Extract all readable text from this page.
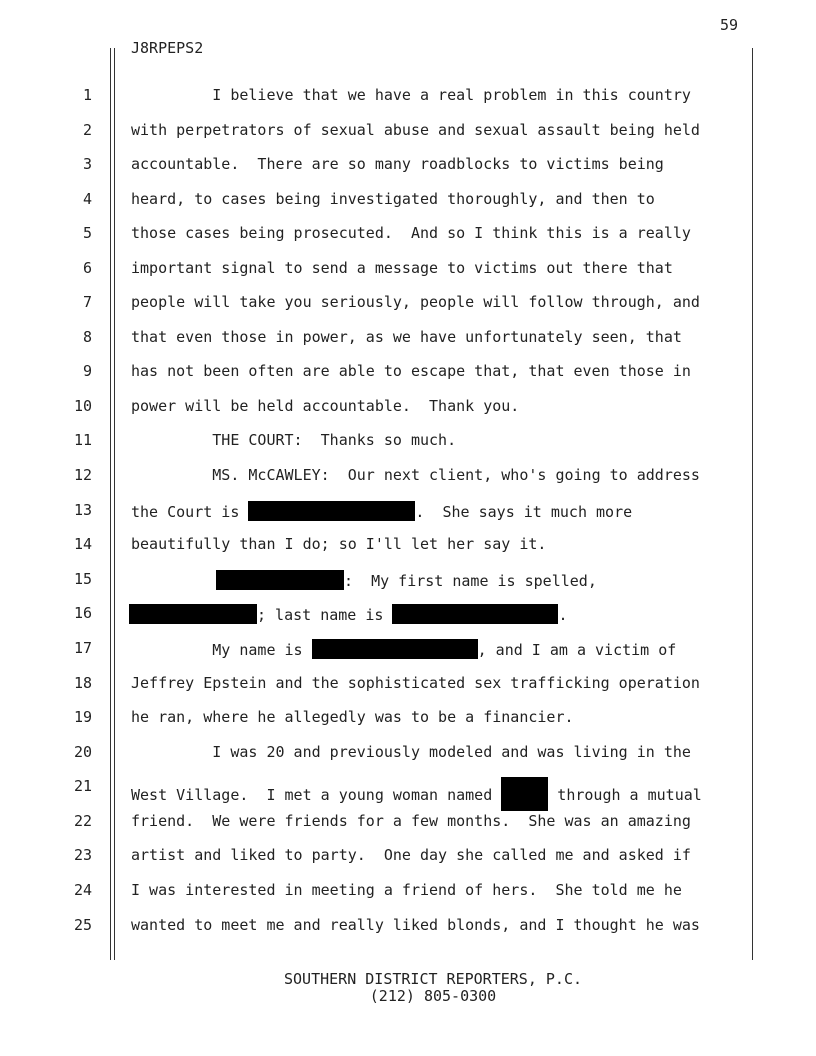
59
J8RPEPS2
1	I believe that we have a real problem in this country
2	with perpetrators of sexual abuse and sexual assault being held
3	accountable.  There are so many roadblocks to victims being
4	heard, to cases being investigated thoroughly, and then to
5	those cases being prosecuted.  And so I think this is a really
6	important signal to send a message to victims out there that
7	people will take you seriously, people will follow through, and
8	that even those in power, as we have unfortunately seen, that
9	has not been often are able to escape that, that even those in
10	power will be held accountable.  Thank you.
11	THE COURT:  Thanks so much.
12	MS. McCAWLEY:  Our next client, who's going to address
13	the Court is	.  She says it much more
14	beautifully than I do; so I'll let her say it.
15	:  My first name is spelled,
16	; last name is	.
17	My name is	, and I am a victim of
18	Jeffrey Epstein and the sophisticated sex trafficking operation
19	he ran, where he allegedly was to be a financier.
20	I was 20 and previously modeled and was living in the
21	West Village.  I met a young woman named	through a mutual
22	friend.  We were friends for a few months.  She was an amazing
23	artist and liked to party.  One day she called me and asked if
24	I was interested in meeting a friend of hers.  She told me he
25	wanted to meet me and really liked blonds, and I thought he was
SOUTHERN DISTRICT REPORTERS, P.C.
(212) 805-0300
